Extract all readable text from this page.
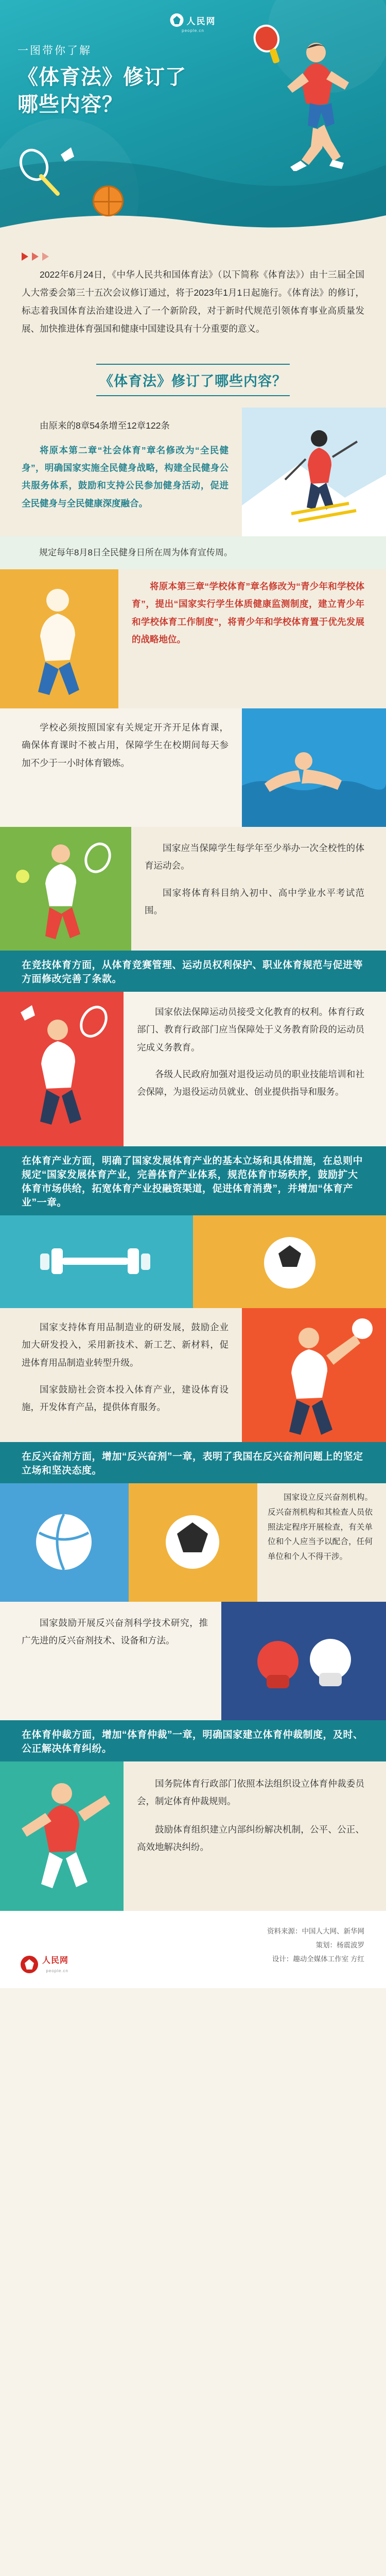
人民网
people.cn
一图带你了解
《体育法》修订了
哪些内容？
2022年6月24日，《中华人民共和国体育法》（以下简称《体育法》）由十三届全国人大常委会第三十五次会议修订通过，将于2023年1月1日起施行。《体育法》的修订，标志着我国体育法治建设进入了一个新阶段，对于新时代规范引领体育事业高质量发展、加快推进体育强国和健康中国建设具有十分重要的意义。
《体育法》修订了哪些内容？

由原来的8章54条增至12章122条

将原本第二章“社会体育”章名修改为“全民健身”，明确国家实施全民健身战略，构建全民健身公共服务体系，鼓励和支持公民参加健身活动，促进全民健身与全民健康深度融合。

规定每年8月8日全民健身日所在周为体育宣传周。

将原本第三章“学校体育”章名修改为“青少年和学校体育”，提出“国家实行学生体质健康监测制度，建立青少年和学校体育工作制度”，将青少年和学校体育置于优先发展的战略地位。

学校必须按照国家有关规定开齐开足体育课，确保体育课时不被占用，保障学生在校期间每天参加不少于一小时体育锻炼。

国家应当保障学生每学年至少举办一次全校性的体育运动会。

国家将体育科目纳入初中、高中学业水平考试范围。

在竞技体育方面，从体育竞赛管理、运动员权利保护、职业体育规范与促进等方面修改完善了条款。

国家依法保障运动员接受文化教育的权利。体育行政部门、教育行政部门应当保障处于义务教育阶段的运动员完成义务教育。

各级人民政府加强对退役运动员的职业技能培训和社会保障，为退役运动员就业、创业提供指导和服务。

在体育产业方面，明确了国家发展体育产业的基本立场和具体措施，在总则中规定“国家发展体育产业，完善体育产业体系，规范体育市场秩序，鼓励扩大体育市场供给，拓宽体育产业投融资渠道，促进体育消费”，并增加“体育产业”一章。

国家支持体育用品制造业的研发展，鼓励企业加大研发投入，采用新技术、新工艺、新材料，促进体育用品制造业转型升级。

国家鼓励社会资本投入体育产业，建设体育设施，开发体育产品，提供体育服务。

在反兴奋剂方面，增加“反兴奋剂”一章，表明了我国在反兴奋剂问题上的坚定立场和坚决态度。

国家设立反兴奋剂机构。反兴奋剂机构和其检查人员依照法定程序开展检查，有关单位和个人应当予以配合，任何单位和个人不得干涉。

国家鼓励开展反兴奋剂科学技术研究，推广先进的反兴奋剂技术、设备和方法。

在体育仲裁方面，增加“体育仲裁”一章，明确国家建立体育仲裁制度，及时、公正解决体育纠纷。

国务院体育行政部门依照本法组织设立体育仲裁委员会，制定体育仲裁规则。

鼓励体育组织建立内部纠纷解决机制，公平、公正、高效地解决纠纷。

资料来源：中国人大网、新华网
策划：杨震波罗
设计：趣动全媒体工作室 方红
人民网
people.cn
